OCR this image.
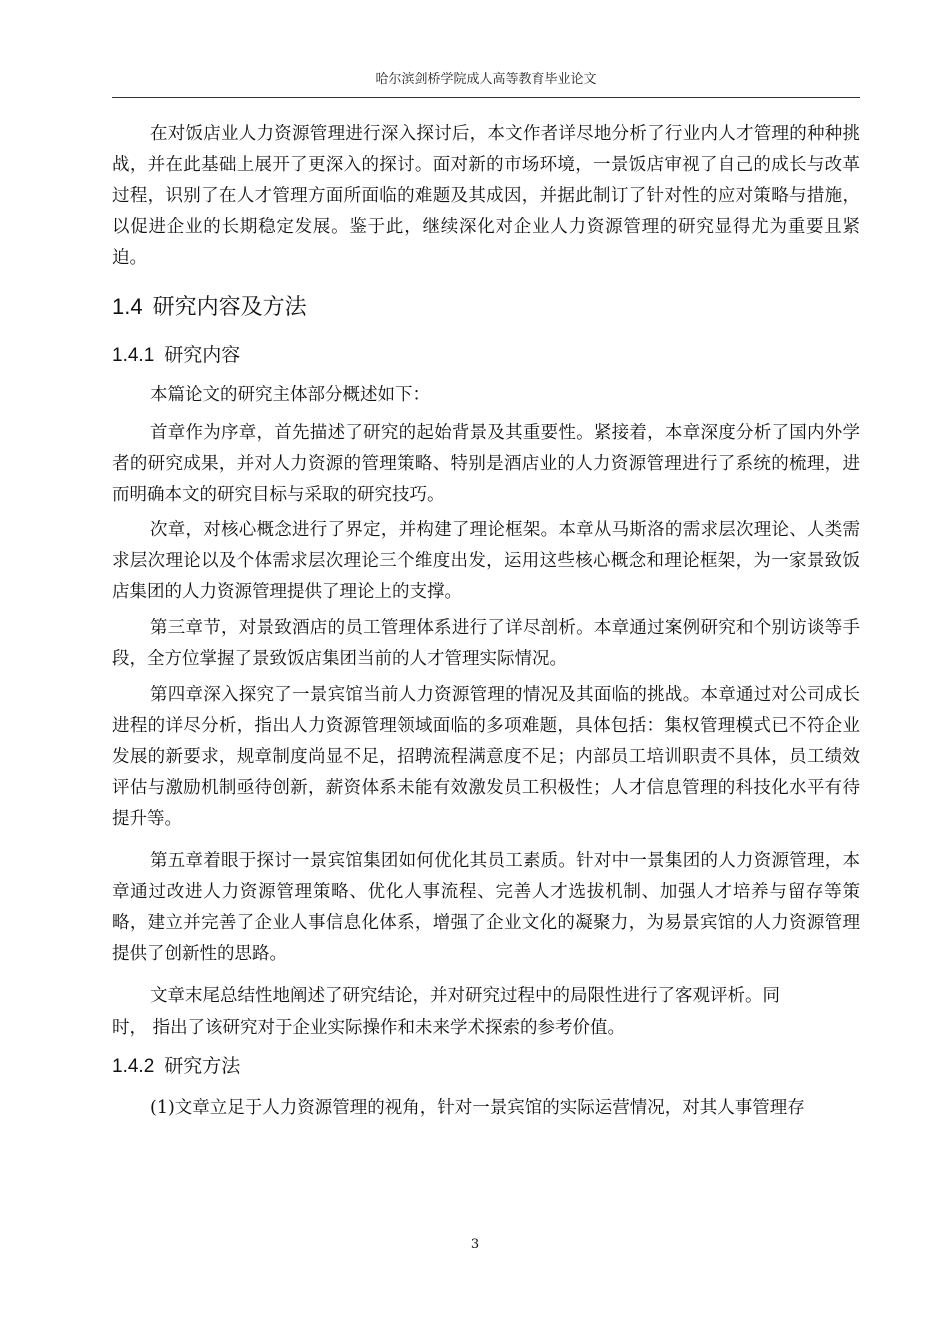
哈尔滨剑桥学院成人高等教育毕业论文

在对饭店业人力资源管理进行深入探讨后，本文作者详尽地分析了行业内人才管理的种种挑战，并在此基础上展开了更深入的探讨。面对新的市场环境，一景饭店审视了自己的成长与改革过程，识别了在人才管理方面所面临的难题及其成因，并据此制订了针对性的应对策略与措施，以促进企业的长期稳定发展。鉴于此，继续深化对企业人力资源管理的研究显得尤为重要且紧迫。

1.4 研究内容及方法
1.4.1 研究内容

本篇论文的研究主体部分概述如下：

首章作为序章，首先描述了研究的起始背景及其重要性。紧接着，本章深度分析了国内外学者的研究成果，并对人力资源的管理策略、特别是酒店业的人力资源管理进行了系统的梳理，进而明确本文的研究目标与采取的研究技巧。

次章，对核心概念进行了界定，并构建了理论框架。本章从马斯洛的需求层次理论、人类需求层次理论以及个体需求层次理论三个维度出发，运用这些核心概念和理论框架，为一家景致饭店集团的人力资源管理提供了理论上的支撑。

第三章节，对景致酒店的员工管理体系进行了详尽剖析。本章通过案例研究和个别访谈等手段，全方位掌握了景致饭店集团当前的人才管理实际情况。

第四章深入探究了一景宾馆当前人力资源管理的情况及其面临的挑战。本章通过对公司成长进程的详尽分析，指出人力资源管理领域面临的多项难题，具体包括：集权管理模式已不符企业发展的新要求，规章制度尚显不足，招聘流程满意度不足；内部员工培训职责不具体，员工绩效评估与激励机制亟待创新，薪资体系未能有效激发员工积极性；人才信息管理的科技化水平有待提升等。

第五章着眼于探讨一景宾馆集团如何优化其员工素质。针对中一景集团的人力资源管理，本章通过改进人力资源管理策略、优化人事流程、完善人才选拔机制、加强人才培养与留存等策略，建立并完善了企业人事信息化体系，增强了企业文化的凝聚力，为易景宾馆的人力资源管理提供了创新性的思路。

文章末尾总结性地阐述了研究结论，并对研究过程中的局限性进行了客观评析。同

时， 指出了该研究对于企业实际操作和未来学术探索的参考价值。

1.4.2 研究方法

(1)文章立足于人力资源管理的视角，针对一景宾馆的实际运营情况，对其人事管理存

3
